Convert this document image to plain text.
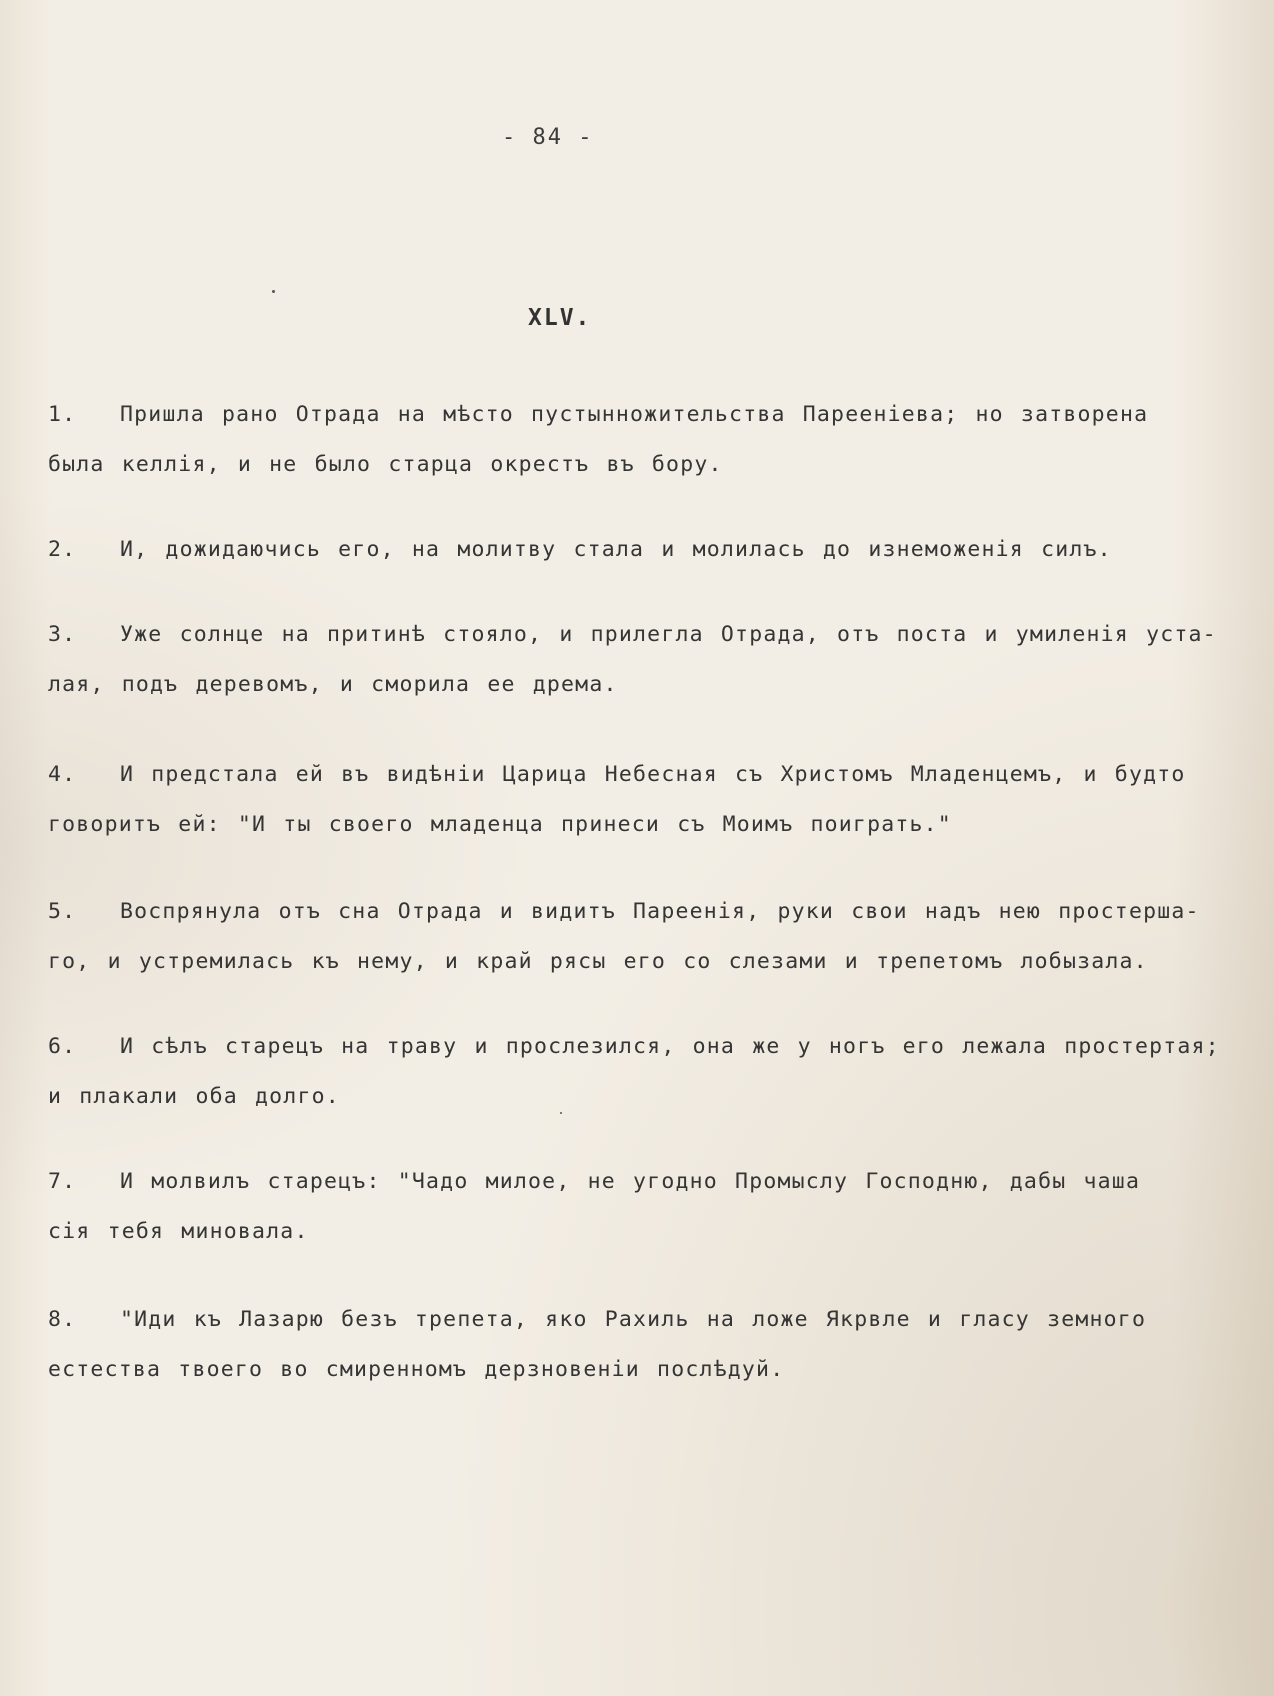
- 84 -
XLV.
1. Пришла рано Отрада на мѣсто пустынножительства Пареенiева; но затворена
была келлiя, и не было старца окрестъ въ бору.
2. И, дожидаючись его, на молитву стала и молилась до изнеможенiя силъ.
3. Уже солнце на притинѣ стояло, и прилегла Отрада, отъ поста и умиленiя уста-
лая, подъ деревомъ, и сморила ее дрема.
4. И предстала ей въ видѣнiи Царица Небесная съ Христомъ Младенцемъ, и будто
говоритъ ей: "И ты своего младенца принеси съ Моимъ поиграть."
5. Воспрянула отъ сна Отрада и видитъ Пареенiя, руки свои надъ нею простерша-
го, и устремилась къ нему, и край рясы его со слезами и трепетомъ лобызала.
6. И сѣлъ старецъ на траву и прослезился, она же у ногъ его лежала простертая;
и плакали оба долго.
7. И молвилъ старецъ: "Чадо милое, не угодно Промыслу Господню, дабы чаша
сiя тебя миновала.
8. "Иди къ Лазарю безъ трепета, яко Рахиль на ложе Якрвле и гласу земного
естества твоего во смиренномъ дерзновенiи послѣдуй.
